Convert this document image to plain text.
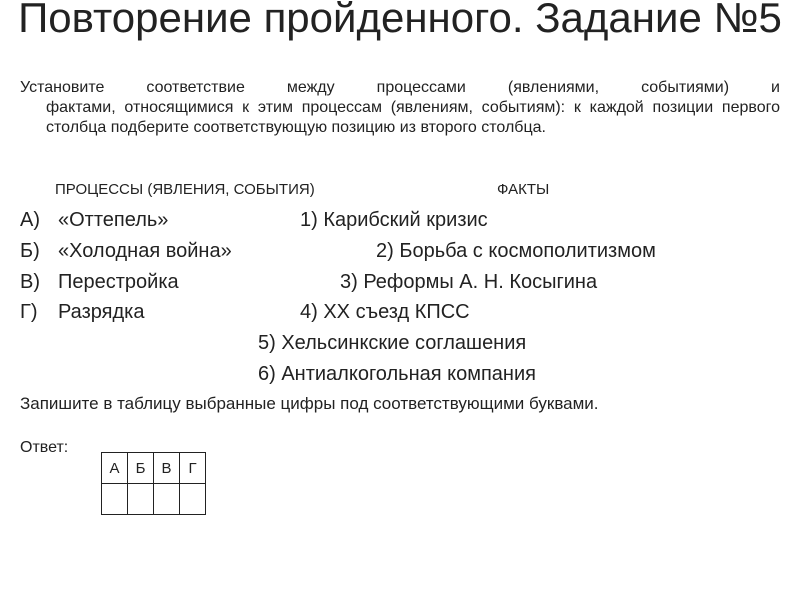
Повторение пройденного. Задание №5
Установите соответствие между процессами (явлениями, событиями) и
фактами, относящимися к этим процессам (явлениям, событиям): к каждой позиции первого столбца подберите соответствующую позицию из второго столбца.
ПРОЦЕССЫ (ЯВЛЕНИЯ, СОБЫТИЯ)	ФАКТЫ
А) «Оттепель»	1) Карибский кризис
Б) «Холодная война»	2) Борьба с космополитизмом
В) Перестройка	3) Реформы А. Н. Косыгина
Г) Разрядка	4) XX съезд КПСС
5) Хельсинкские соглашения
6) Антиалкогольная компания
Запишите в таблицу выбранные цифры под соответствующими буквами.
Ответ:
А	Б	В	Г
